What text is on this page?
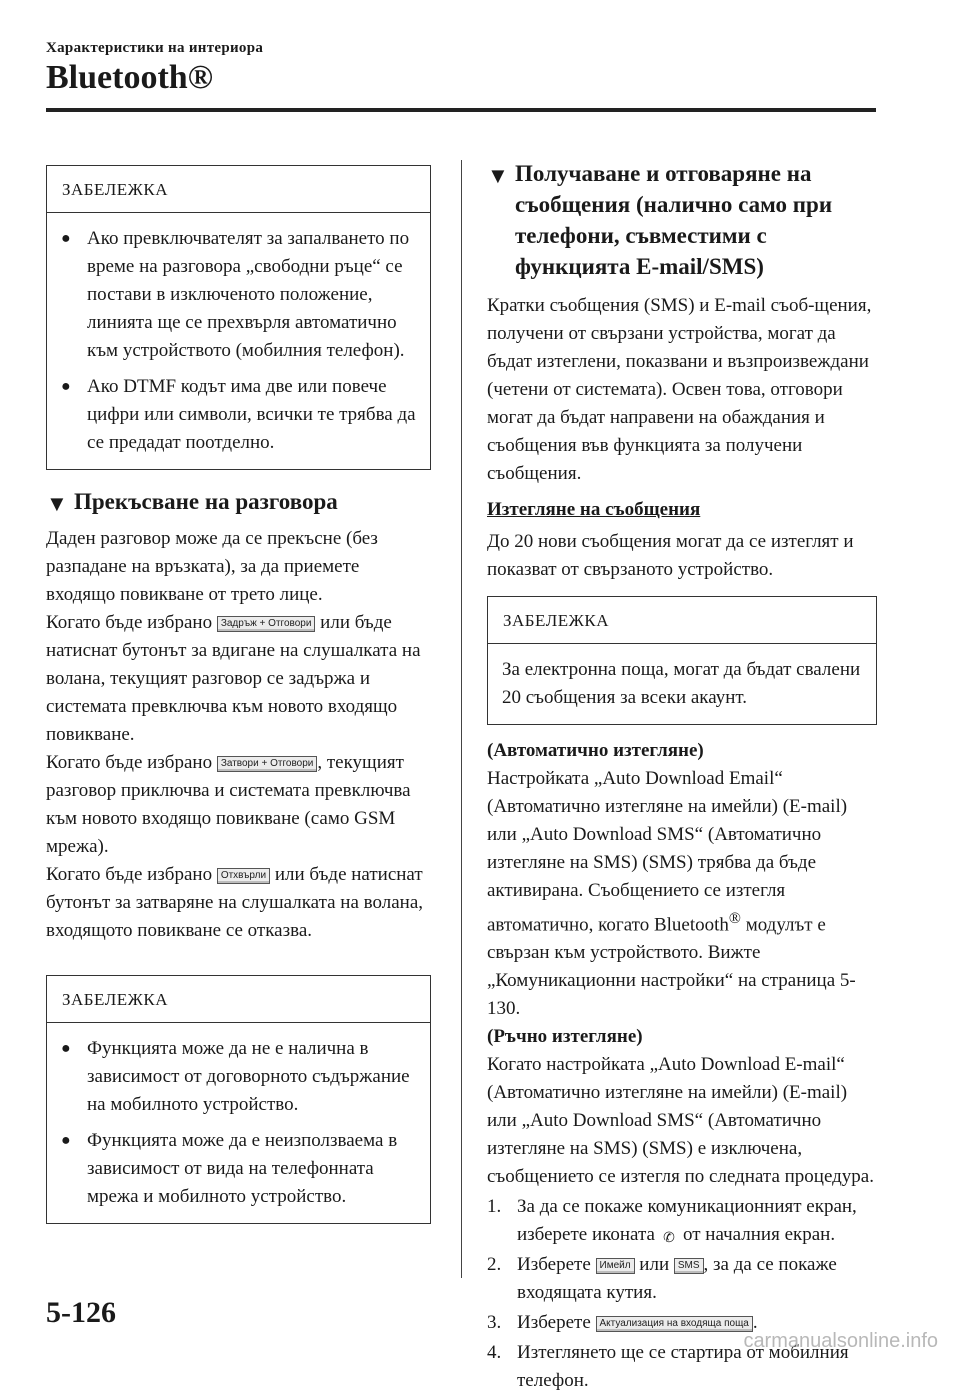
Характеристики на интериора
Bluetooth®
ЗАБЕЛЕЖКА
● Ако превключвателят за запалването по време на разговора „свободни ръце“ се постави в изключеното положение, линията ще се прехвърля автоматично към устройството (мобилния телефон).
● Ако DTMF кодът има две или повече цифри или символи, всички те трябва да се предадат поотделно.
▼ Прекъсване на разговора

Даден разговор може да се прекъсне (без разпадане на връзката), за да приемете входящо повикване от трето лице.

Когато бъде избрано Задръж + Отговори или бъде натиснат бутонът за вдигане на слушалката на волана, текущият разговор се задържа и системата превключва към новото входящо повикване.

Когато бъде избрано Затвори + Отговори , текущият разговор приключва и системата превключва към новото входящо повикване (само GSM мрежа).

Когато бъде избрано Отхвърли или бъде натиснат бутонът за затваряне на слушалката на волана, входящото повикване се отказва.

ЗАБЕЛЕЖКА
● Функцията може да не е налична в зависимост от договорното съдържание на мобилното устройство.
● Функцията може да е неизползваема в зависимост от вида на телефонната мрежа и мобилното устройство.
▼ Получаване и отговаряне на съобщения (налично само при телефони, съвместими с функцията E-mail/SMS)

Кратки съобщения (SMS) и E-mail съоб-щения, получени от свързани устройства, могат да бъдат изтеглени, показвани и възпроизвеждани (четени от системата). Освен това, отговори могат да бъдат направени на обаждания и съобщения във функцията за получени съобщения.

Изтегляне на съобщения

До 20 нови съобщения могат да се изтеглят и показват от свързаното устройство.

ЗАБЕЛЕЖКА
За електронна поща, могат да бъдат свалени 20 съобщения за всеки акаунт.

(Автоматично изтегляне)
Настройката „Auto Download Email“ (Автоматично изтегляне на имейли) (E-mail) или „Auto Download SMS“ (Автоматично изтегляне на SMS) (SMS) трябва да бъде активирана. Съобщението се изтегля автоматично, когато Bluetooth® модулът е свързан към устройството. Вижте „Комуникационни настройки“ на страница 5-130.
(Ръчно изтегляне)
Когато настройката „Auto Download E-mail“ (Автоматично изтегляне на имейли) (E-mail) или „Auto Download SMS“ (Автоматично изтегляне на SMS) (SMS) е изключена, съобщението се изтегля по следната процедура.

1. За да се покаже комуникационният екран, изберете иконата ✆ от началния екран.
2. Изберете Имейл или SMS , за да се покаже входящата кутия.
3. Изберете Актуализация на входяща поща .
4. Изтеглянето ще се стартира от мобилния телефон.
5-126
carmanualsonline.info
